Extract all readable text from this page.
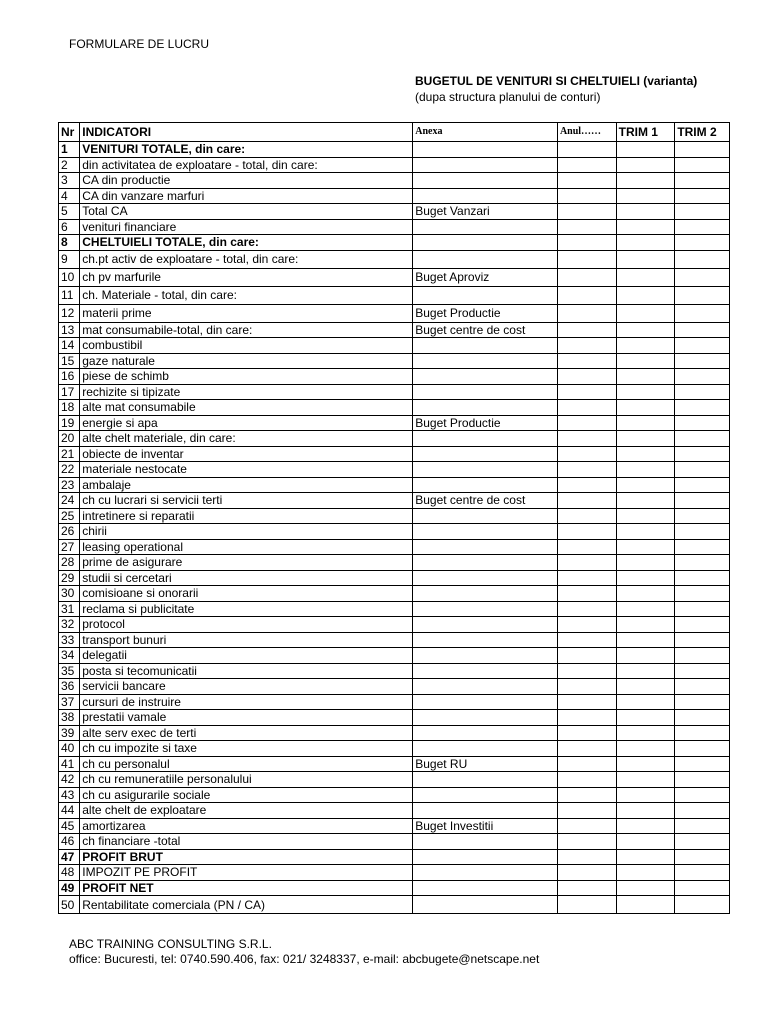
FORMULARE DE LUCRU
BUGETUL DE VENITURI SI CHELTUIELI (varianta)
(dupa structura planului de conturi)
Nr	INDICATORI	Anexa	Anul……	TRIM 1	TRIM 2
1	VENITURI TOTALE, din care:				
2	din activitatea de exploatare - total, din care:				
3	CA din productie				
4	CA din vanzare marfuri				
5	Total CA	Buget Vanzari			
6	venituri financiare				
8	CHELTUIELI TOTALE, din care:				
9	ch.pt activ de exploatare - total, din care:				
10	ch pv marfurile	Buget Aproviz			
11	ch. Materiale - total, din care:				
12	materii prime	Buget Productie			
13	mat consumabile-total, din care:	Buget centre de cost			
14	combustibil				
15	gaze naturale				
16	piese de schimb				
17	rechizite si tipizate				
18	alte mat consumabile				
19	energie si apa	Buget Productie			
20	alte chelt materiale, din care:				
21	obiecte de inventar				
22	materiale nestocate				
23	ambalaje				
24	ch cu lucrari si servicii terti	Buget centre de cost			
25	intretinere si reparatii				
26	chirii				
27	leasing operational				
28	prime de asigurare				
29	studii si cercetari				
30	comisioane si onorarii				
31	reclama si publicitate				
32	protocol				
33	transport bunuri				
34	delegatii				
35	posta si tecomunicatii				
36	servicii bancare				
37	cursuri de instruire				
38	prestatii vamale				
39	alte serv exec de terti				
40	ch cu impozite si taxe				
41	ch cu personalul	Buget RU			
42	ch cu remuneratiile personalului				
43	ch cu asigurarile sociale				
44	alte chelt de exploatare				
45	amortizarea	Buget Investitii			
46	ch financiare -total				
47	PROFIT BRUT				
48	IMPOZIT PE PROFIT				
49	PROFIT NET				
50	Rentabilitate comerciala (PN / CA)				
ABC TRAINING CONSULTING S.R.L.
office: Bucuresti, tel: 0740.590.406, fax: 021/ 3248337, e-mail: abcbugete@netscape.net
